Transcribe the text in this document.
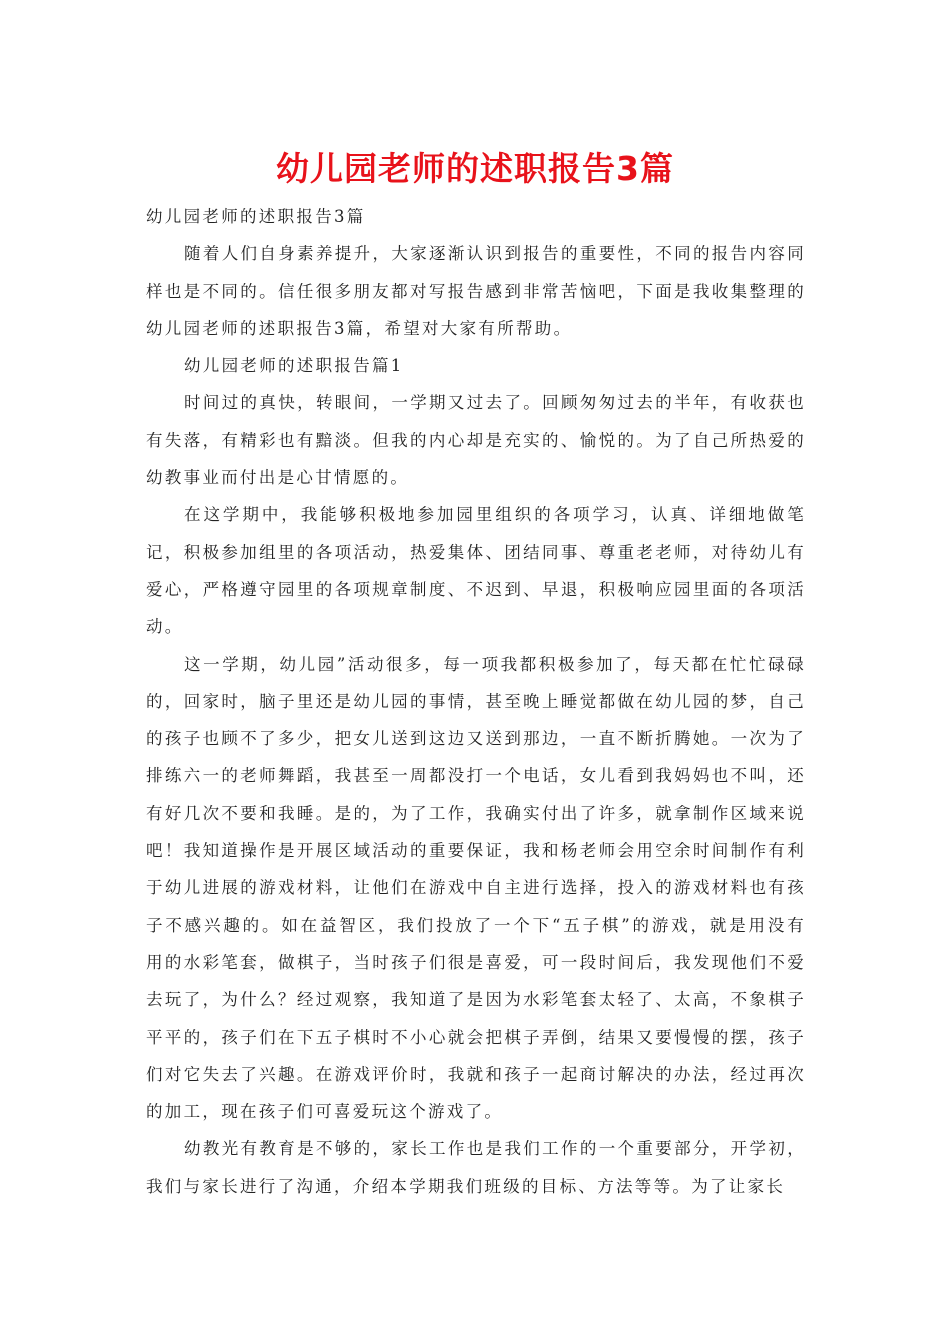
幼儿园老师的述职报告3篇

幼儿园老师的述职报告3篇

随着人们自身素养提升，大家逐渐认识到报告的重要性，不同的报告内容同样也是不同的。信任很多朋友都对写报告感到非常苦恼吧，下面是我收集整理的幼儿园老师的述职报告3篇，希望对大家有所帮助。

幼儿园老师的述职报告篇1

时间过的真快，转眼间，一学期又过去了。回顾匆匆过去的半年，有收获也有失落，有精彩也有黯淡。但我的内心却是充实的、愉悦的。为了自己所热爱的幼教事业而付出是心甘情愿的。

在这学期中，我能够积极地参加园里组织的各项学习，认真、详细地做笔记，积极参加组里的各项活动，热爱集体、团结同事、尊重老老师，对待幼儿有爱心，严格遵守园里的各项规章制度、不迟到、早退，积极响应园里面的各项活动。

这一学期，幼儿园”活动很多，每一项我都积极参加了，每天都在忙忙碌碌的，回家时，脑子里还是幼儿园的事情，甚至晚上睡觉都做在幼儿园的梦，自己的孩子也顾不了多少，把女儿送到这边又送到那边，一直不断折腾她。一次为了排练六一的老师舞蹈，我甚至一周都没打一个电话，女儿看到我妈妈也不叫，还有好几次不要和我睡。是的，为了工作，我确实付出了许多，就拿制作区域来说吧！我知道操作是开展区域活动的重要保证，我和杨老师会用空余时间制作有利于幼儿进展的游戏材料，让他们在游戏中自主进行选择，投入的游戏材料也有孩子不感兴趣的。如在益智区，我们投放了一个下“五子棋”的游戏，就是用没有用的水彩笔套，做棋子，当时孩子们很是喜爱，可一段时间后，我发现他们不爱去玩了，为什么？经过观察，我知道了是因为水彩笔套太轻了、太高，不象棋子平平的，孩子们在下五子棋时不小心就会把棋子弄倒，结果又要慢慢的摆，孩子们对它失去了兴趣。在游戏评价时，我就和孩子一起商讨解决的办法，经过再次的加工，现在孩子们可喜爱玩这个游戏了。

幼教光有教育是不够的，家长工作也是我们工作的一个重要部分，开学初，我们与家长进行了沟通，介绍本学期我们班级的目标、方法等等。为了让家长
